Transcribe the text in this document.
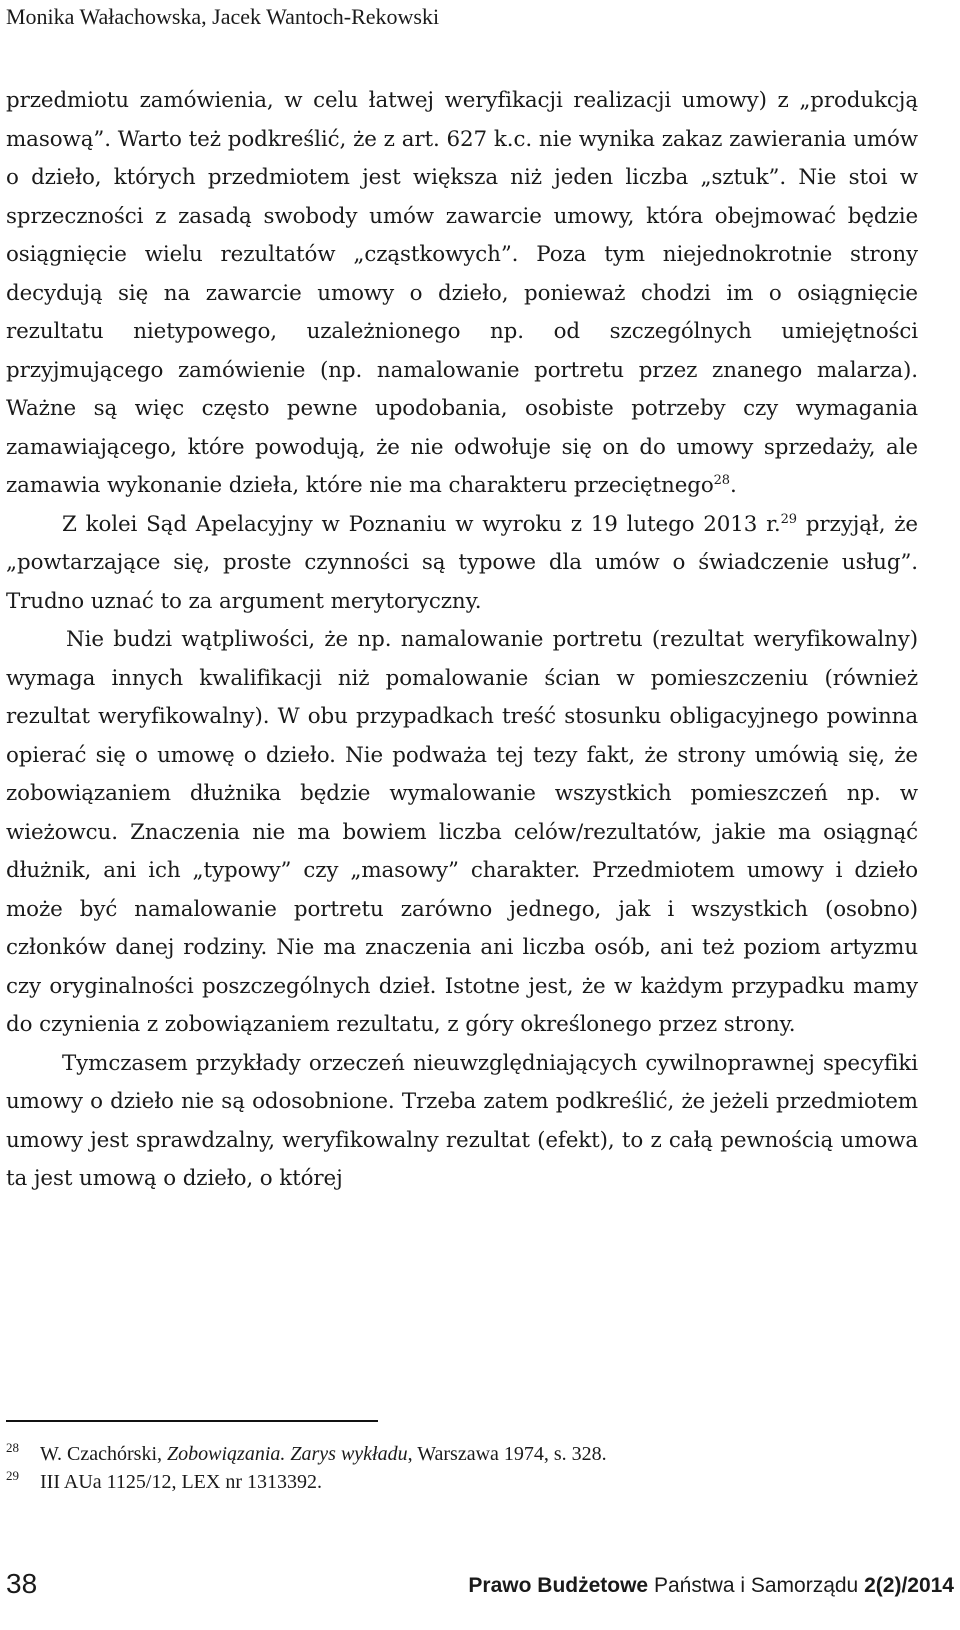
Monika Wałachowska, Jacek Wantoch-Rekowski

przedmiotu zamówienia, w celu łatwej weryfikacji realizacji umowy) z „produkcją masową”. Warto też podkreślić, że z art. 627 k.c. nie wynika zakaz zawierania umów o dzieło, których przedmiotem jest większa niż jeden liczba „sztuk”. Nie stoi w sprzeczności z zasadą swobody umów zawarcie umowy, która obejmować będzie osiągnięcie wielu rezultatów „cząstkowych”. Poza tym niejednokrotnie strony decydują się na zawarcie umowy o dzieło, ponieważ chodzi im o osiągnięcie rezultatu nietypowego, uzależnionego np. od szczególnych umiejętności przyjmującego zamówienie (np. namalowanie portretu przez znanego malarza). Ważne są więc często pewne upodobania, osobiste potrzeby czy wymagania zamawiającego, które powodują, że nie odwołuje się on do umowy sprzedaży, ale zamawia wykonanie dzieła, które nie ma charakteru przeciętnego$^{28}$.

Z kolei Sąd Apelacyjny w Poznaniu w wyroku z 19 lutego 2013 r.$^{29}$ przyjął, że „powtarzające się, proste czynności są typowe dla umów o świadczenie usług”. Trudno uznać to za argument merytoryczny.

Nie budzi wątpliwości, że np. namalowanie portretu (rezultat weryfikowalny) wymaga innych kwalifikacji niż pomalowanie ścian w pomieszczeniu (również rezultat weryfikowalny). W obu przypadkach treść stosunku obligacyjnego powinna opierać się o umowę o dzieło. Nie podważa tej tezy fakt, że strony umówią się, że zobowiązaniem dłużnika będzie wymalowanie wszystkich pomieszczeń np. w wieżowcu. Znaczenia nie ma bowiem liczba celów/rezultatów, jakie ma osiągnąć dłużnik, ani ich „typowy” czy „masowy” charakter. Przedmiotem umowy i dzieło może być namalowanie portretu zarówno jednego, jak i wszystkich (osobno) członków danej rodziny. Nie ma znaczenia ani liczba osób, ani też poziom artyzmu czy oryginalności poszczególnych dzieł. Istotne jest, że w każdym przypadku mamy do czynienia z zobowiązaniem rezultatu, z góry określonego przez strony.

Tymczasem przykłady orzeczeń nieuwzględniających cywilnoprawnej specyfiki umowy o dzieło nie są odosobnione. Trzeba zatem podkreślić, że jeżeli przedmiotem umowy jest sprawdzalny, weryfikowalny rezultat (efekt), to z całą pewnością umowa ta jest umową o dzieło, o której

28	W. Czachórski, Zobowiązania. Zarys wykładu, Warszawa 1974, s. 328.
29	III AUa 1125/12, LEX nr 1313392.
38	Prawo Budżetowe Państwa i Samorządu 2(2)/2014
